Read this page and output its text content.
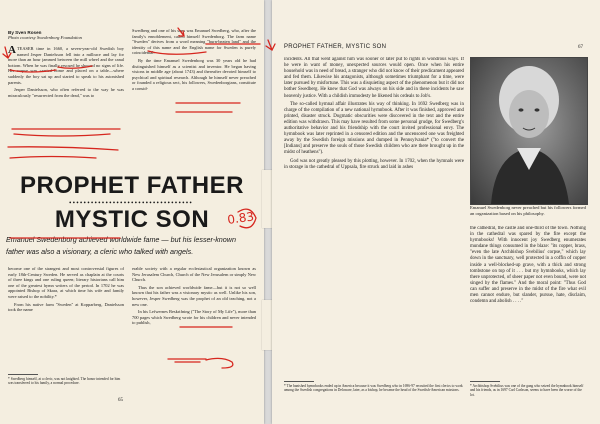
By Sven Rosen
Photo courtesy Swedenborg Foundation

A TEASER time in 1660, a seven-year-old Swedish boy named Jesper Danielsson fell into a millrace and lay for more than an hour jammed between the mill wheel and the canal bottom. When he was finally rescued he showed no signs of life. His corpse was carried home and placed on a table—where suddenly the boy sat up and started to speak to his astonished parents.

Jesper Danielsson, who often referred to the way he was miraculously "resurrected from the dead," was to

Swedberg and one of his sons was Emanuel Swedberg, who, after the family's ennoblement, called himself Swedenborg. The farm name "Sweden" derives from a word meaning "burn-beaten land" and the identity of this name and the English name for Sweden is purely coincidental.

By the time Emanuel Swedenborg was 30 years old he had distinguished himself as a scientist and inventor. He began having visions in middle age (about 1743) and thereafter devoted himself to psychical and spiritual research. Although he himself never preached or founded a religious sect, his followers, Swedenborgians, constitute a consid-

PROPHET FATHER
••••••••••••••••••••••••••••••••••
MYSTIC SON
Emanuel Swedenborg achieved worldwide fame — but his lesser-known
father was also a visionary, a cleric who talked with angels.

become one of the strangest and most controversial figures of early 18th-Century Sweden. He served as chaplain at the courts of three kings and one ruling queen; literary historians call him one of the greatest hymn writers of the period. In 1702 he was appointed Bishop of Skara, at which time his wife and family were raised to the nobility.*

From his native farm "Sweden" at Kopparberg, Danielsson took the name

* Swedberg himself, at a cleric, was not knighted. The honor intended for him was transferred to his family, a normal procedure.

erable society with a regular ecclesiastical organization known as New Jerusalem Church, Church of the New Jerusalem or simply New Church.

Thus the son achieved worldwide fame—but it is not so well known that his father was a visionary mystic as well. Unlike his son, however, Jesper Swedberg was the prophet of an old teaching, not a new one.

In his Lefwernes Beskrifning ("The Story of My Life"), more than 700 pages which Swedberg wrote for his children and never intended to publish,

65
PROPHET FATHER, MYSTIC SON	67

incidents. All that went against him was sooner or later put to rights in wondrous ways. If he were in want of money, unexpected sources would open. Once when his entire household was in need of bread, a stranger who did not know of their predicament appeared and fed them. Likewise his antagonists, although sometimes triumphant for a time, were later pursued by misfortune. This was a disquieting aspect of the phenomenon but it did not bother Swedberg. He knew that God was always on his side and in these incidents he saw heavenly justice. With a childish immodesty he likened his ordeals to Job's.

The so-called hymnal affair illustrates his way of thinking. In 1692 Swedberg was in charge of the compilation of a new national hymnbook. After it was finished, approved and printed, disaster struck. Dogmatic obscurities were discovered in the text and the entire edition was withdrawn. This may have resulted from some personal grudge, for Swedberg's authoritative behavior and his friendship with the court invited professional envy. The hymnbook was later reprinted in a censored edition and the uncensored one was freighted away by the Swedish foreign missions and dumped in Pennsylvania* ("to convert the [Indians] and preserve the souls of those Swedish children who are there brought up in the midst of heathens").

God was not greatly pleased by this plotting, however. In 1702, when the hymnals were in storage in the cathedral of Uppsala, fire struck and laid in ashes

Emanuel Swedenborg never preached but his followers formed an organization based on his philosophy.

the cathedral, the castle and one-third of the town. Nothing in the cathedral was spared by the fire except the hymnbooks! With innocent joy Swedberg enumerates mundane things consumed in the blaze: "its copper, brass, "even the late Archbishop Svebilius' corpse," which lay down in the sanctuary, well protected in a coffin of copper inside a well-blocked-up grave, with a thick and strong tombstone on top of it . . . but my hymnbooks, which lay there unprotected, of sheer paper not even bound, were not singed by the flames." And the moral point: "Thus God can suffer and preserve in the midst of the fire what evil men cannot endure, but slander, pursue, hate, disclaim, condemn and abolish . . . ."

* The banished hymnbooks ended up in America because it was Swedberg who in 1696-97 recruited the first clerics to work among the Swedish congregations in Delaware, later, as a bishop, he became the head of the Swedish-American missions.
* Archbishop Svebilius was one of the gang who seized the hymnbook himself and his friends, as in 1697 Carl Carlsson, seems to have been the worse of the lot.
0.83
